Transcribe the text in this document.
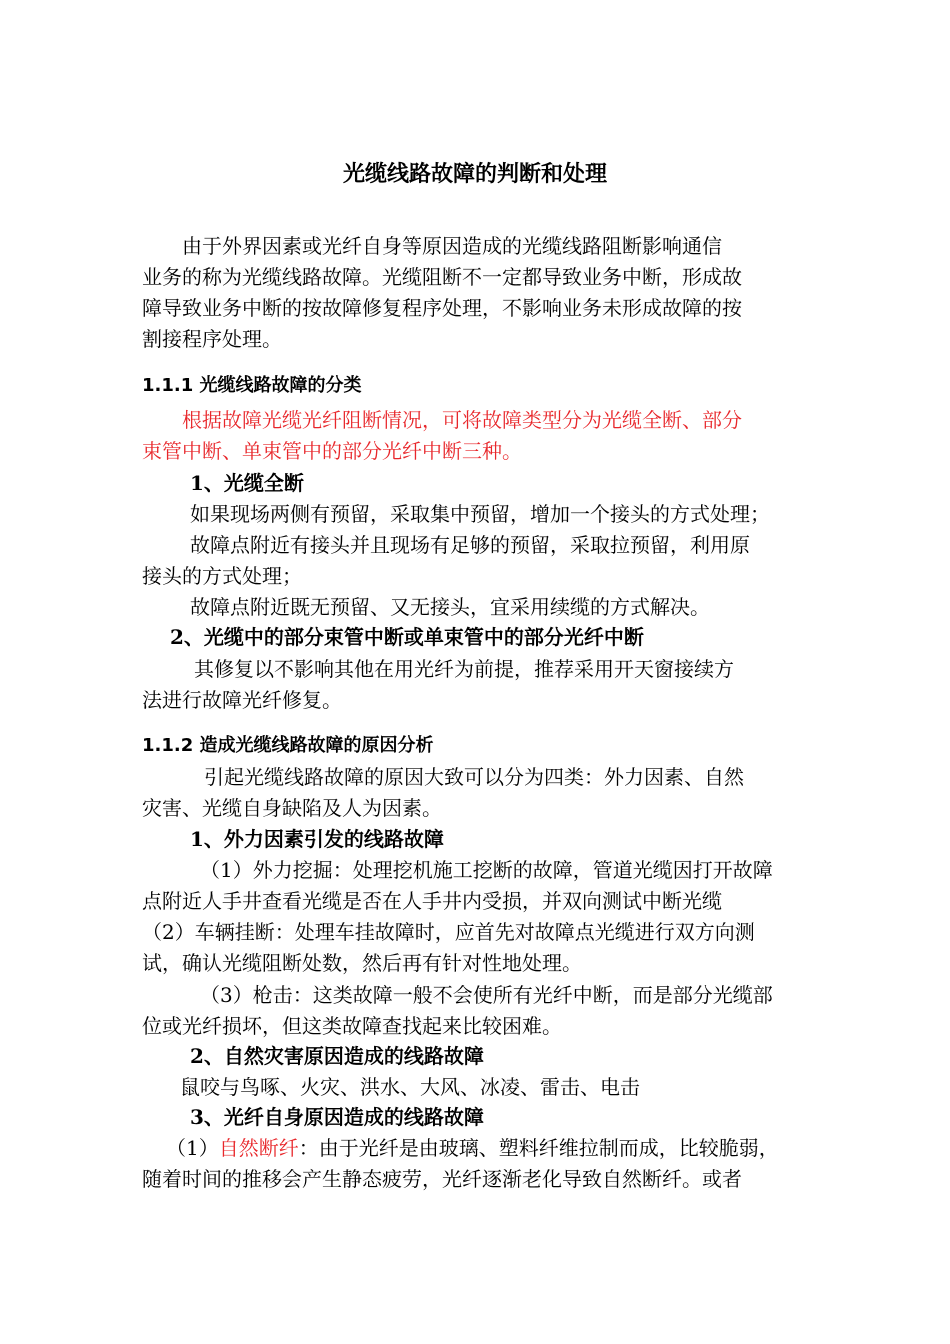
光缆线路故障的判断和处理
由于外界因素或光纤自身等原因造成的光缆线路阻断影响通信
业务的称为光缆线路故障。光缆阻断不一定都导致业务中断，形成故
障导致业务中断的按故障修复程序处理，不影响业务未形成故障的按
割接程序处理。
1.1.1 光缆线路故障的分类
根据故障光缆光纤阻断情况，可将故障类型分为光缆全断、部分
束管中断、单束管中的部分光纤中断三种。
1、光缆全断
如果现场两侧有预留，采取集中预留，增加一个接头的方式处理；
故障点附近有接头并且现场有足够的预留，采取拉预留，利用原
接头的方式处理；
故障点附近既无预留、又无接头，宜采用续缆的方式解决。
2、光缆中的部分束管中断或单束管中的部分光纤中断
其修复以不影响其他在用光纤为前提，推荐采用开天窗接续方
法进行故障光纤修复。
1.1.2 造成光缆线路故障的原因分析
引起光缆线路故障的原因大致可以分为四类：外力因素、自然
灾害、光缆自身缺陷及人为因素。
1、外力因素引发的线路故障
（1）外力挖掘：处理挖机施工挖断的故障，管道光缆因打开故障
点附近人手井查看光缆是否在人手井内受损，并双向测试中断光缆
（2）车辆挂断：处理车挂故障时，应首先对故障点光缆进行双方向测
试，确认光缆阻断处数，然后再有针对性地处理。
（3）枪击：这类故障一般不会使所有光纤中断，而是部分光缆部
位或光纤损坏，但这类故障查找起来比较困难。
2、自然灾害原因造成的线路故障
鼠咬与鸟啄、火灾、洪水、大风、冰凌、雷击、电击
3、光纤自身原因造成的线路故障
（1）自然断纤：由于光纤是由玻璃、塑料纤维拉制而成，比较脆弱，
随着时间的推移会产生静态疲劳，光纤逐渐老化导致自然断纤。或者
